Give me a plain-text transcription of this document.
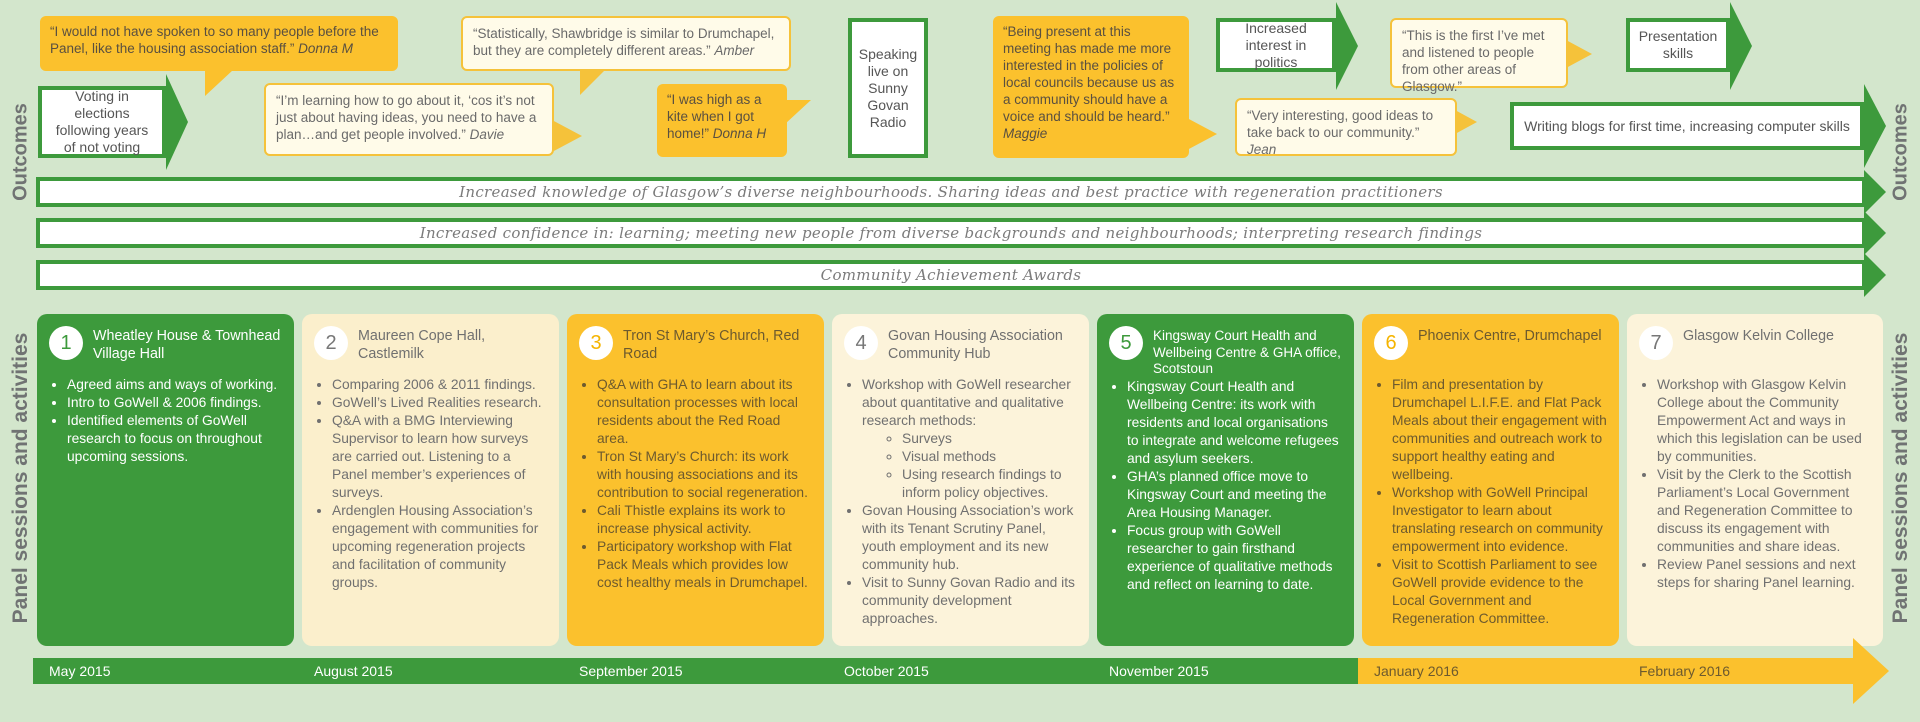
Outcomes
Panel sessions and activities
Outcomes
Panel sessions and activities
“I would not have spoken to so many people before the Panel, like the housing association staff.” Donna M
“I’m learning how to go about it, ‘cos it’s not just about having ideas, you need to have a plan…and get people involved.” Davie
“Statistically, Shawbridge is similar to Drumchapel, but they are completely different areas.” Amber
“I was high as a kite when I got home!” Donna H
“Being present at this meeting has made me more interested in the policies of local councils because us as a community should have a voice and should be heard.” Maggie
“This is the first I’ve met and listened to people from other areas of Glasgow.”
“Very interesting, good ideas to take back to our community.” Jean
Voting in elections following years of not voting
Speaking live on Sunny Govan Radio
Increased interest in politics
Presentation skills
Writing blogs for first time, increasing computer skills
Increased knowledge of Glasgow’s diverse neighbourhoods. Sharing ideas and best practice with regeneration practitioners
Increased confidence in: learning; meeting new people from diverse backgrounds and neighbourhoods; interpreting research findings
Community Achievement Awards
1	Wheatley House & Townhead Village Hall
• Agreed aims and ways of working.
• Intro to GoWell & 2006 findings.
• Identified elements of GoWell research to focus on throughout upcoming sessions.
2	Maureen Cope Hall, Castlemilk
• Comparing 2006 & 2011 findings.
• GoWell’s Lived Realities research.
• Q&A with a BMG Interviewing Supervisor to learn how surveys are carried out. Listening to a Panel member’s experiences of surveys.
• Ardenglen Housing Association’s engagement with communities for upcoming regeneration projects and facilitation of community groups.
3	Tron St Mary’s Church, Red Road
• Q&A with GHA to learn about its consultation processes with local residents about the Red Road area.
• Tron St Mary’s Church: its work with housing associations and its contribution to social regeneration.
• Cali Thistle explains its work to increase physical activity.
• Participatory workshop with Flat Pack Meals which provides low cost healthy meals in Drumchapel.
4	Govan Housing Association Community Hub
• Workshop with GoWell researcher about quantitative and qualitative research methods:
◦ Surveys
◦ Visual methods
◦ Using research findings to inform policy objectives.
• Govan Housing Association’s work with its Tenant Scrutiny Panel, youth employment and its new community hub.
• Visit to Sunny Govan Radio and its community development approaches.
5	Kingsway Court Health and Wellbeing Centre & GHA office, Scotstoun
• Kingsway Court Health and Wellbeing Centre: its work with residents and local organisations to integrate and welcome refugees and asylum seekers.
• GHA’s planned office move to Kingsway Court and meeting the Area Housing Manager.
• Focus group with GoWell researcher to gain firsthand experience of qualitative methods and reflect on learning to date.
6	Phoenix Centre, Drumchapel
• Film and presentation by Drumchapel L.I.F.E. and Flat Pack Meals about their engagement with communities and outreach work to support healthy eating and wellbeing.
• Workshop with GoWell Principal Investigator to learn about translating research on community empowerment into evidence.
• Visit to Scottish Parliament to see GoWell provide evidence to the Local Government and Regeneration Committee.
7	Glasgow Kelvin College
• Workshop with Glasgow Kelvin College about the Community Empowerment Act and ways in which this legislation can be used by communities.
• Visit by the Clerk to the Scottish Parliament’s Local Government and Regeneration Committee to discuss its engagement with communities and share ideas.
• Review Panel sessions and next steps for sharing Panel learning.
May 2015	August 2015	September 2015	October 2015	November 2015	January 2016	February 2016
